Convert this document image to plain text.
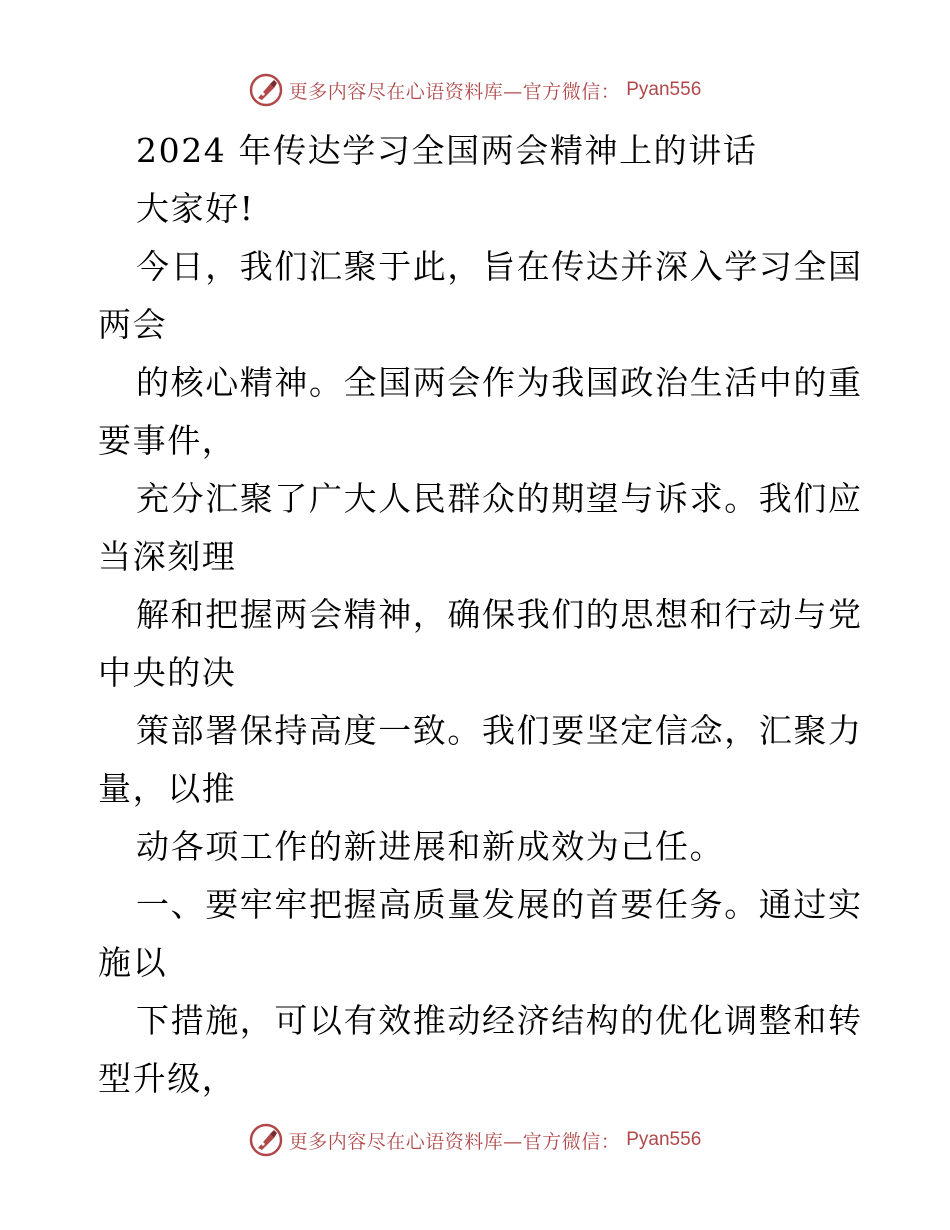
更多内容尽在心语资料库—官方微信： Pyan556
2024 年传达学习全国两会精神上的讲话
大家好!
今日，我们汇聚于此，旨在传达并深入学习全国
两会
的核心精神。全国两会作为我国政治生活中的重
要事件，
充分汇聚了广大人民群众的期望与诉求。我们应
当深刻理
解和把握两会精神，确保我们的思想和行动与党
中央的决
策部署保持高度一致。我们要坚定信念，汇聚力
量，以推
动各项工作的新进展和新成效为己任。
一、要牢牢把握高质量发展的首要任务。通过实
施以
下措施，可以有效推动经济结构的优化调整和转
型升级，
更多内容尽在心语资料库—官方微信： Pyan556
